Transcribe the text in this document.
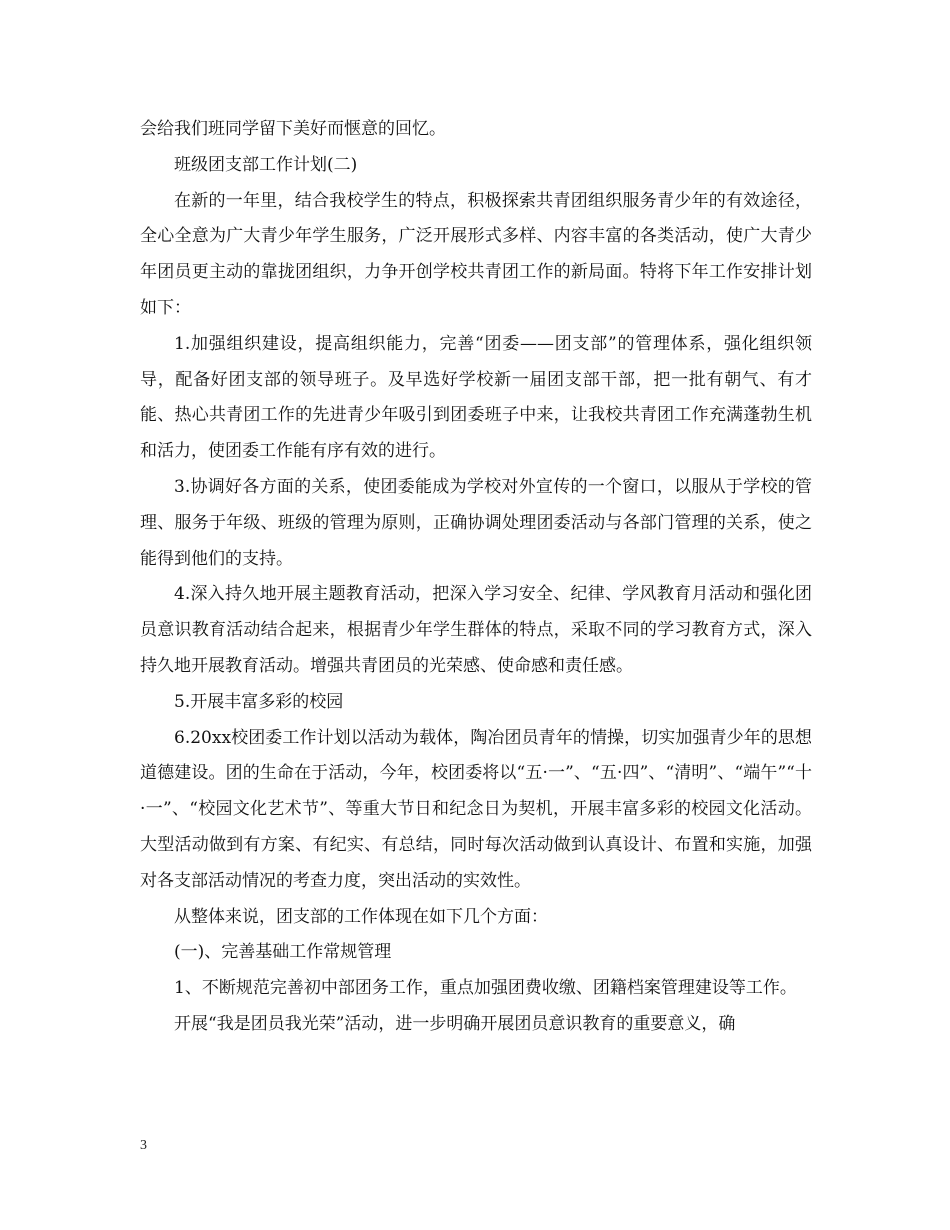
会给我们班同学留下美好而惬意的回忆。

班级团支部工作计划(二)

在新的一年里，结合我校学生的特点，积极探索共青团组织服务青少年的有效途径，全心全意为广大青少年学生服务，广泛开展形式多样、内容丰富的各类活动，使广大青少年团员更主动的靠拢团组织，力争开创学校共青团工作的新局面。特将下年工作安排计划如下：

1.加强组织建设，提高组织能力，完善“团委——团支部”的管理体系，强化组织领导，配备好团支部的领导班子。及早选好学校新一届团支部干部，把一批有朝气、有才能、热心共青团工作的先进青少年吸引到团委班子中来，让我校共青团工作充满蓬勃生机和活力，使团委工作能有序有效的进行。

3.协调好各方面的关系，使团委能成为学校对外宣传的一个窗口，以服从于学校的管理、服务于年级、班级的管理为原则，正确协调处理团委活动与各部门管理的关系，使之能得到他们的支持。

4.深入持久地开展主题教育活动，把深入学习安全、纪律、学风教育月活动和强化团员意识教育活动结合起来，根据青少年学生群体的特点，采取不同的学习教育方式，深入持久地开展教育活动。增强共青团员的光荣感、使命感和责任感。

5.开展丰富多彩的校园

6.20xx校团委工作计划以活动为载体，陶冶团员青年的情操，切实加强青少年的思想道德建设。团的生命在于活动，今年，校团委将以“五·一”、“五·四”、“清明”、“端午”“十·一”、“校园文化艺术节”、等重大节日和纪念日为契机，开展丰富多彩的校园文化活动。大型活动做到有方案、有纪实、有总结，同时每次活动做到认真设计、布置和实施，加强对各支部活动情况的考查力度，突出活动的实效性。

从整体来说，团支部的工作体现在如下几个方面：

(一)、完善基础工作常规管理

1、不断规范完善初中部团务工作，重点加强团费收缴、团籍档案管理建设等工作。

开展“我是团员我光荣”活动，进一步明确开展团员意识教育的重要意义，确

3
